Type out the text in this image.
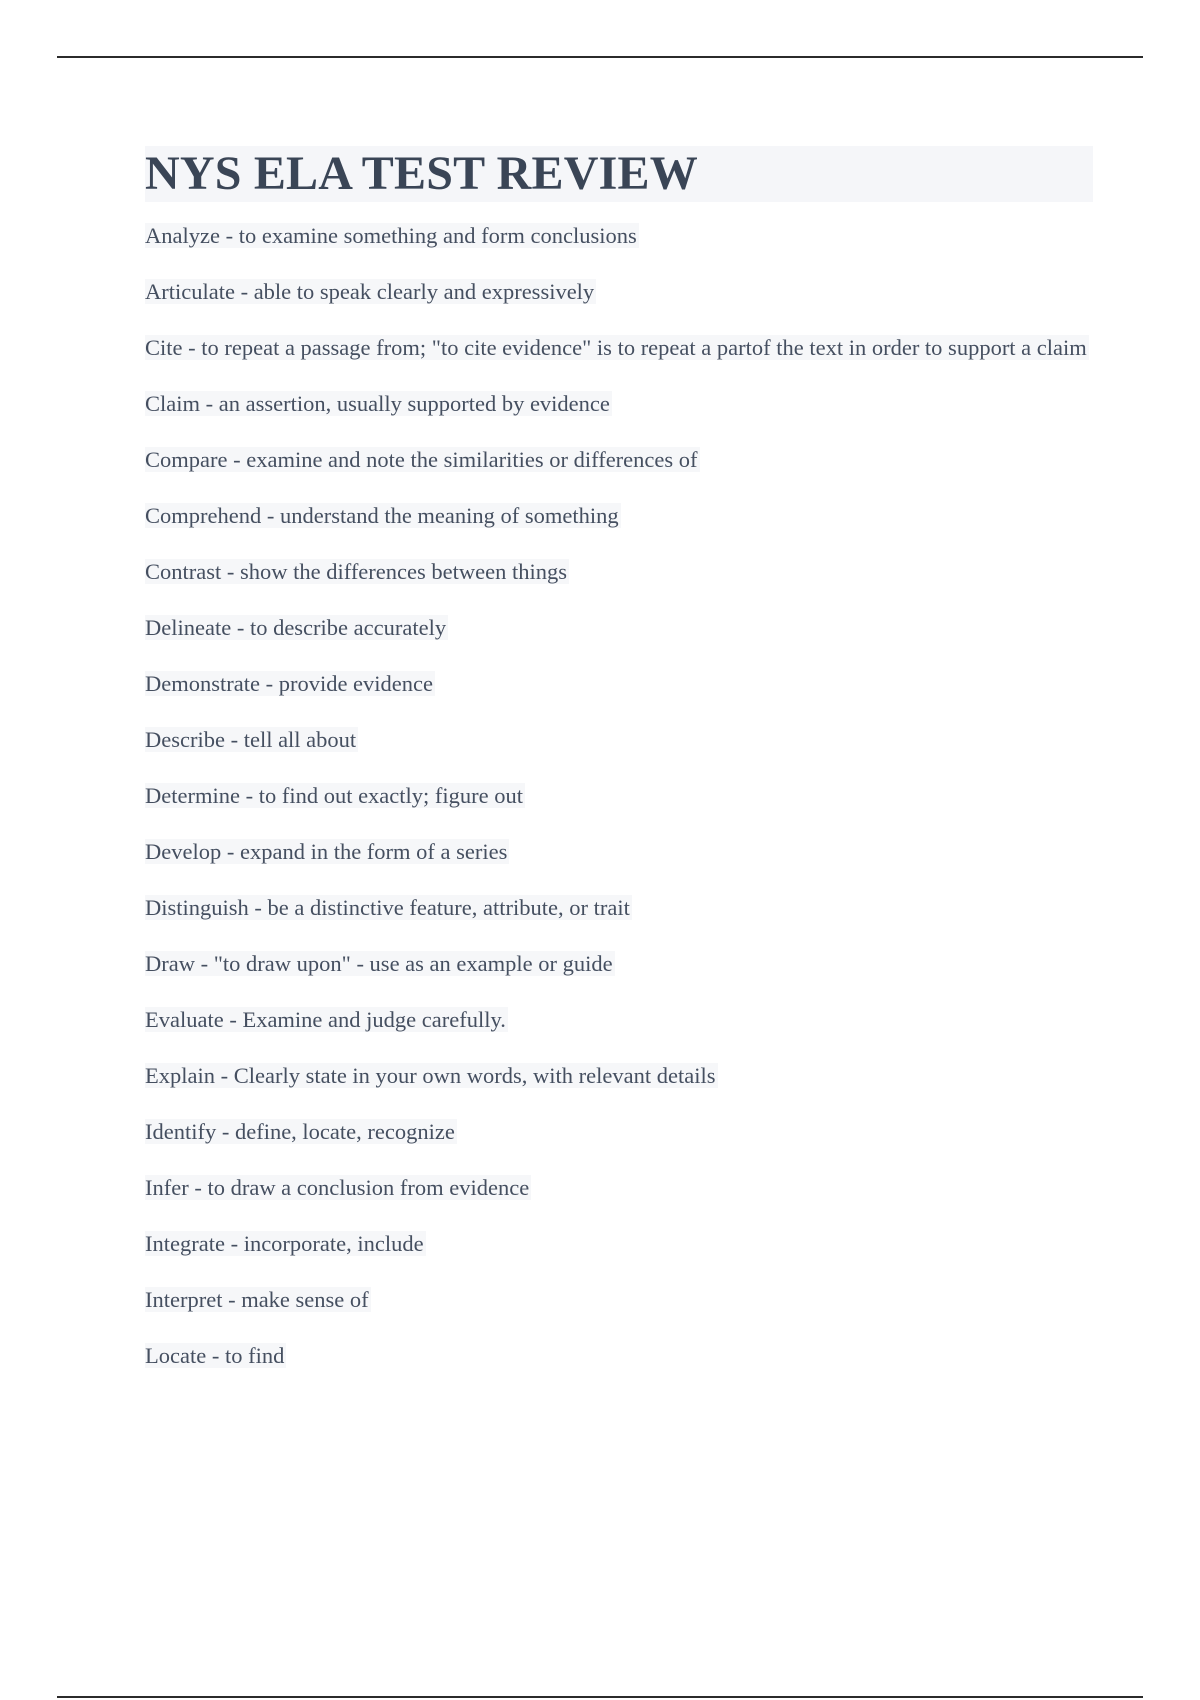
NYS ELA TEST REVIEW
Analyze - to examine something and form conclusions
Articulate - able to speak clearly and expressively
Cite - to repeat a passage from; "to cite evidence" is to repeat a partof the text in order to support a claim
Claim - an assertion, usually supported by evidence
Compare - examine and note the similarities or differences of
Comprehend - understand the meaning of something
Contrast - show the differences between things
Delineate - to describe accurately
Demonstrate - provide evidence
Describe - tell all about
Determine - to find out exactly; figure out
Develop - expand in the form of a series
Distinguish - be a distinctive feature, attribute, or trait
Draw - "to draw upon" - use as an example or guide
Evaluate - Examine and judge carefully.
Explain - Clearly state in your own words, with relevant details
Identify - define, locate, recognize
Infer - to draw a conclusion from evidence
Integrate - incorporate, include
Interpret - make sense of
Locate - to find
